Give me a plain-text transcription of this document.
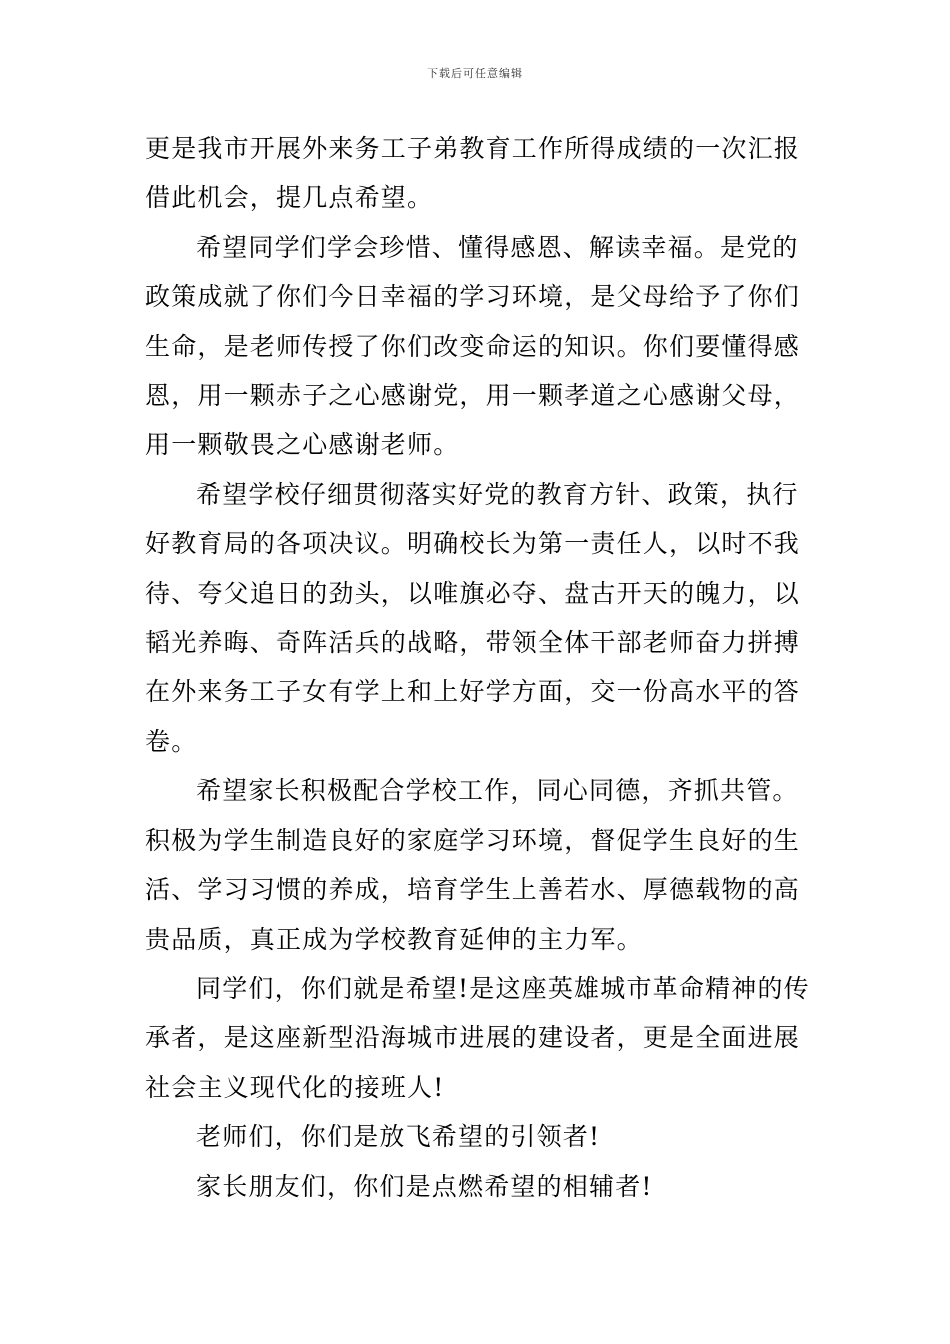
下载后可任意编辑

更是我市开展外来务工子弟教育工作所得成绩的一次汇报
借此机会，提几点希望。

希望同学们学会珍惜、懂得感恩、解读幸福。是党的
政策成就了你们今日幸福的学习环境，是父母给予了你们
生命，是老师传授了你们改变命运的知识。你们要懂得感
恩，用一颗赤子之心感谢党，用一颗孝道之心感谢父母，
用一颗敬畏之心感谢老师。

希望学校仔细贯彻落实好党的教育方针、政策，执行
好教育局的各项决议。明确校长为第一责任人，以时不我
待、夸父追日的劲头，以唯旗必夺、盘古开天的魄力，以
韬光养晦、奇阵活兵的战略，带领全体干部老师奋力拼搏
在外来务工子女有学上和上好学方面，交一份高水平的答
卷。

希望家长积极配合学校工作，同心同德，齐抓共管。
积极为学生制造良好的家庭学习环境，督促学生良好的生
活、学习习惯的养成，培育学生上善若水、厚德载物的高
贵品质，真正成为学校教育延伸的主力军。

同学们，你们就是希望!是这座英雄城市革命精神的传
承者，是这座新型沿海城市进展的建设者，更是全面进展
社会主义现代化的接班人!

老师们，你们是放飞希望的引领者!

家长朋友们，你们是点燃希望的相辅者!
